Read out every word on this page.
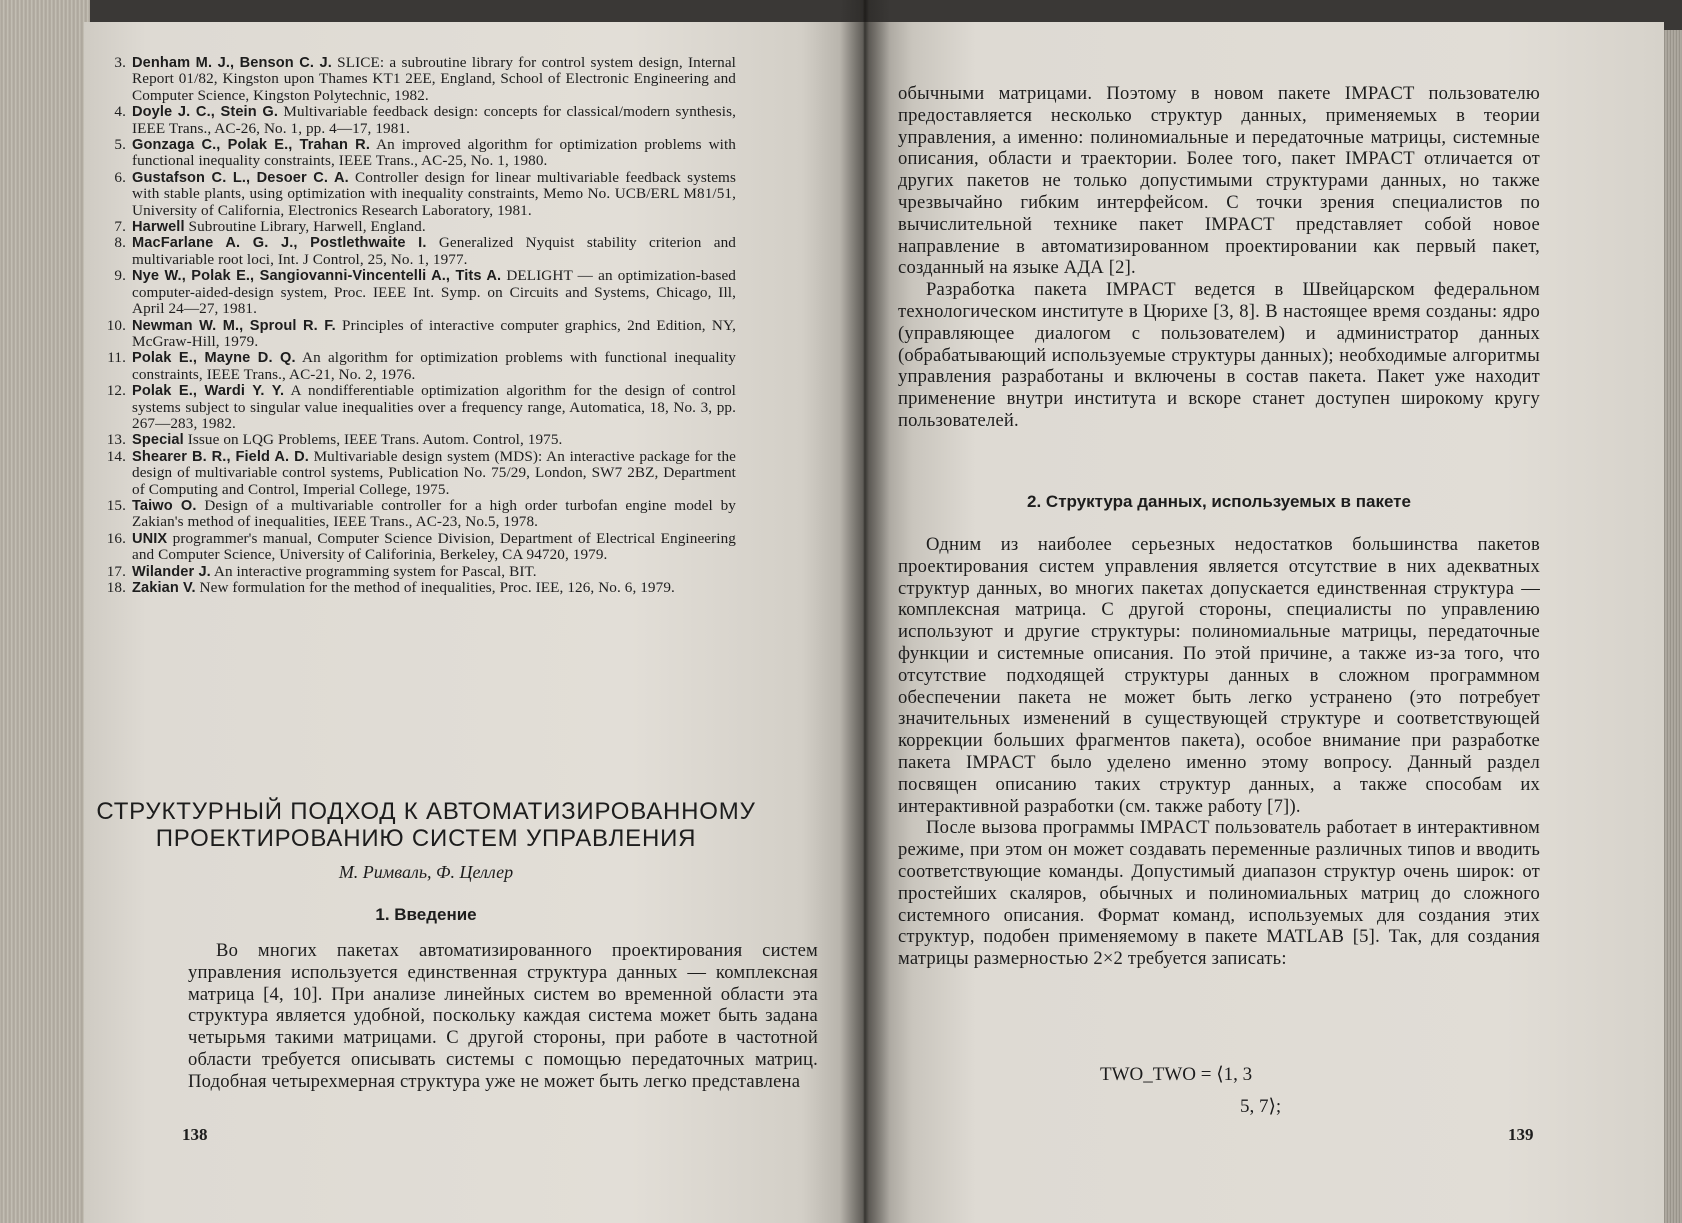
3. Denham M. J., Benson C. J. SLICE: a subroutine library for control system design, Internal Report 01/82, Kingston upon Thames KT1 2EE, England, School of Electronic Engineering and Computer Science, Kingston Polytechnic, 1982.
4. Doyle J. C., Stein G. Multivariable feedback design: concepts for classical/modern synthesis, IEEE Trans., AC-26, No. 1, pp. 4—17, 1981.
5. Gonzaga C., Polak E., Trahan R. An improved algorithm for optimization problems with functional inequality constraints, IEEE Trans., AC-25, No. 1, 1980.
6. Gustafson C. L., Desoer C. A. Controller design for linear multivariable feedback systems with stable plants, using optimization with inequality constraints, Memo No. UCB/ERL M81/51, University of California, Electronics Research Laboratory, 1981.
7. Harwell Subroutine Library, Harwell, England.
8. MacFarlane A. G. J., Postlethwaite I. Generalized Nyquist stability criterion and multivariable root loci, Int. J Control, 25, No. 1, 1977.
9. Nye W., Polak E., Sangiovanni-Vincentelli A., Tits A. DELIGHT — an optimization-based computer-aided-design system, Proc. IEEE Int. Symp. on Circuits and Systems, Chicago, Ill, April 24—27, 1981.
10. Newman W. M., Sproul R. F. Principles of interactive computer graphics, 2nd Edition, NY, McGraw-Hill, 1979.
11. Polak E., Mayne D. Q. An algorithm for optimization problems with functional inequality constraints, IEEE Trans., AC-21, No. 2, 1976.
12. Polak E., Wardi Y. Y. A nondifferentiable optimization algorithm for the design of control systems subject to singular value inequalities over a frequency range, Automatica, 18, No. 3, pp. 267—283, 1982.
13. Special Issue on LQG Problems, IEEE Trans. Autom. Control, 1975.
14. Shearer B. R., Field A. D. Multivariable design system (MDS): An interactive package for the design of multivariable control systems, Publication No. 75/29, London, SW7 2BZ, Department of Computing and Control, Imperial College, 1975.
15. Taiwo O. Design of a multivariable controller for a high order turbofan engine model by Zakian's method of inequalities, IEEE Trans., AC-23, No.5, 1978.
16. UNIX programmer's manual, Computer Science Division, Department of Electrical Engineering and Computer Science, University of Califorinia, Berkeley, CA 94720, 1979.
17. Wilander J. An interactive programming system for Pascal, BIT.
18. Zakian V. New formulation for the method of inequalities, Proc. IEE, 126, No. 6, 1979.
СТРУКТУРНЫЙ ПОДХОД К АВТОМАТИЗИРОВАННОМУ
ПРОЕКТИРОВАНИЮ СИСТЕМ УПРАВЛЕНИЯ
М. Римваль, Ф. Целлер
1. Введение

Во многих пакетах автоматизированного проектирования систем управления используется единственная структура данных — комплексная матрица [4, 10]. При анализе линейных систем во временной области эта структура является удобной, поскольку каждая система может быть задана четырьмя такими матрицами. С другой стороны, при работе в частотной области требуется описывать системы с помощью передаточных матриц. Подобная четырехмерная структура уже не может быть легко представлена

138

обычными матрицами. Поэтому в новом пакете IMPACT пользователю предоставляется несколько структур данных, применяемых в теории управления, а именно: полиномиальные и передаточные матрицы, системные описания, области и траектории. Более того, пакет IMPACT отличается от других пакетов не только допустимыми структурами данных, но также чрезвычайно гибким интерфейсом. С точки зрения специалистов по вычислительной технике пакет IMPACT представляет собой новое направление в автоматизированном проектировании как первый пакет, созданный на языке АДА [2].

Разработка пакета IMPACT ведется в Швейцарском федеральном технологическом институте в Цюрихе [3, 8]. В настоящее время созданы: ядро (управляющее диалогом с пользователем) и администратор данных (обрабатывающий используемые структуры данных); необходимые алгоритмы управления разработаны и включены в состав пакета. Пакет уже находит применение внутри института и вскоре станет доступен широкому кругу пользователей.

2. Структура данных, используемых в пакете

Одним из наиболее серьезных недостатков большинства пакетов проектирования систем управления является отсутствие в них адекватных структур данных, во многих пакетах допускается единственная структура — комплексная матрица. С другой стороны, специалисты по управлению используют и другие структуры: полиномиальные матрицы, передаточные функции и системные описания. По этой причине, а также из-за того, что отсутствие подходящей структуры данных в сложном программном обеспечении пакета не может быть легко устранено (это потребует значительных изменений в существующей структуре и соответствующей коррекции больших фрагментов пакета), особое внимание при разработке пакета IMPACT было уделено именно этому вопросу. Данный раздел посвящен описанию таких структур данных, а также способам их интерактивной разработки (см. также работу [7]).

После вызова программы IMPACT пользователь работает в интерактивном режиме, при этом он может создавать переменные различных типов и вводить соответствующие команды. Допустимый диапазон структур очень широк: от простейших скаляров, обычных и полиномиальных матриц до сложного системного описания. Формат команд, используемых для создания этих структур, подобен применяемому в пакете MATLAB [5]. Так, для создания матрицы размерностью 2×2 требуется записать:

TWO_TWO = ⟨1, 3
5, 7⟩;
139
